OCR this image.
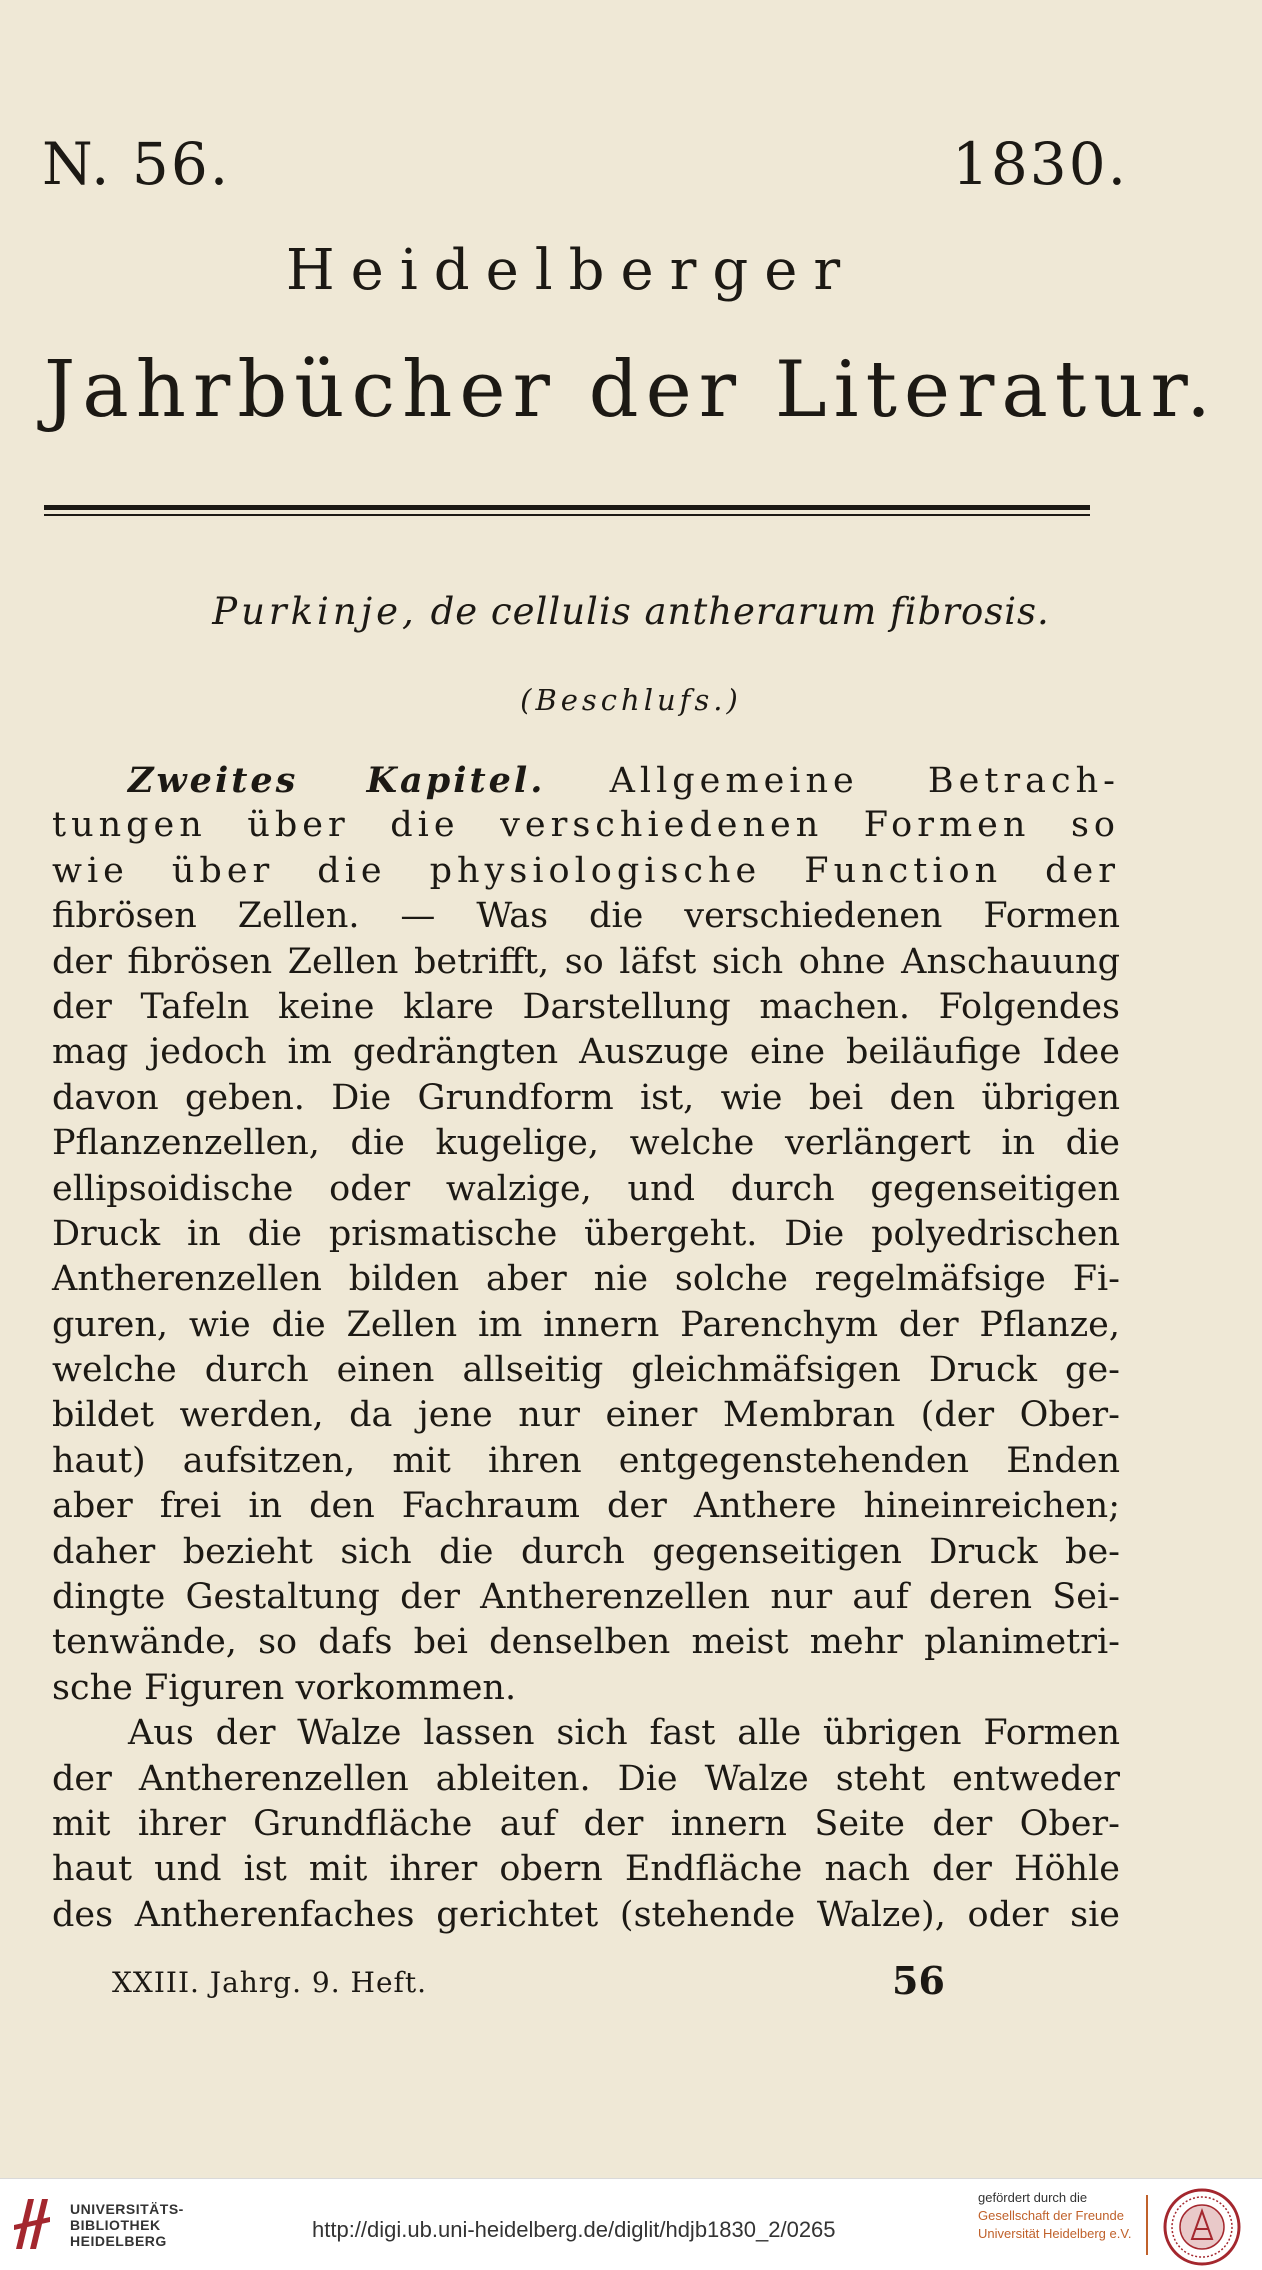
N. 56.	1830.
Heidelberger
Jahrbücher der Literatur.
Purkinje, de cellulis antherarum fibrosis.
(Beschlufs.)
Zweites Kapitel. Allgemeine Betrach-
tungen über die verschiedenen Formen so
wie über die physiologische Function der
fibrösen Zellen. — Was die verschiedenen Formen
der fibrösen Zellen betrifft, so läfst sich ohne Anschauung
der Tafeln keine klare Darstellung machen. Folgendes
mag jedoch im gedrängten Auszuge eine beiläufige Idee
davon geben. Die Grundform ist, wie bei den übrigen
Pflanzenzellen, die kugelige, welche verlängert in die
ellipsoidische oder walzige, und durch gegenseitigen
Druck in die prismatische übergeht. Die polyedrischen
Antherenzellen bilden aber nie solche regelmäfsige Fi-
guren, wie die Zellen im innern Parenchym der Pflanze,
welche durch einen allseitig gleichmäfsigen Druck ge-
bildet werden, da jene nur einer Membran (der Ober-
haut) aufsitzen, mit ihren entgegenstehenden Enden
aber frei in den Fachraum der Anthere hineinreichen;
daher bezieht sich die durch gegenseitigen Druck be-
dingte Gestaltung der Antherenzellen nur auf deren Sei-
tenwände, so dafs bei denselben meist mehr planimetri-
sche Figuren vorkommen.
Aus der Walze lassen sich fast alle übrigen Formen
der Antherenzellen ableiten. Die Walze steht entweder
mit ihrer Grundfläche auf der innern Seite der Ober-
haut und ist mit ihrer obern Endfläche nach der Höhle
des Antherenfaches gerichtet (stehende Walze), oder sie
XXIII. Jahrg. 9. Heft.	56
UNIVERSITÄTS-
BIBLIOTHEK
HEIDELBERG	http://digi.ub.uni-heidelberg.de/diglit/hdjb1830_2/0265
gefördert durch die
Gesellschaft der Freunde
Universität Heidelberg e.V.
